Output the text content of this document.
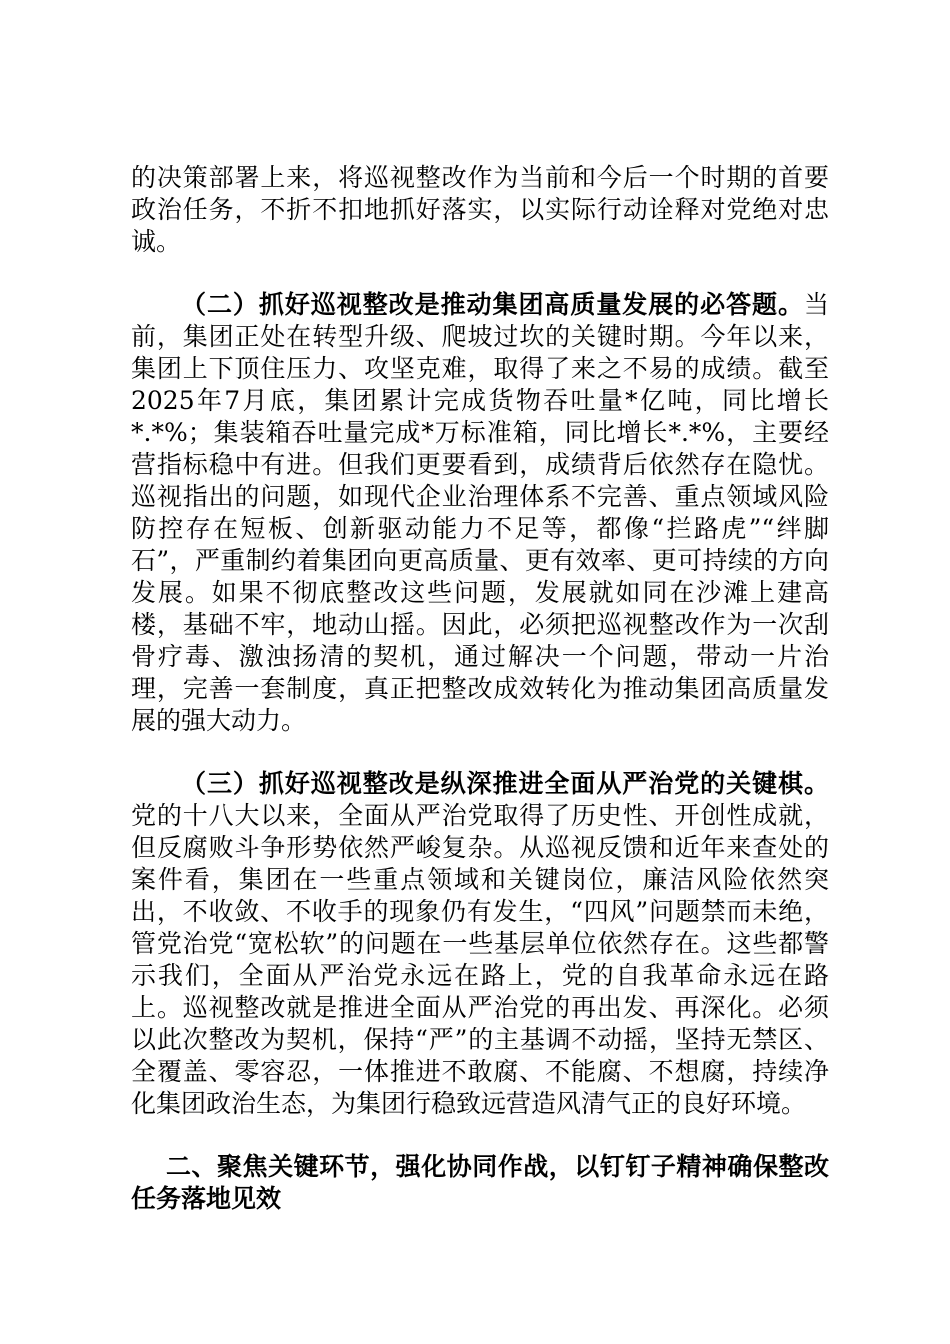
的决策部署上来，将巡视整改作为当前和今后一个时期的首要政治任务，不折不扣地抓好落实，以实际行动诠释对党绝对忠诚。

（二）抓好巡视整改是推动集团高质量发展的必答题。当前，集团正处在转型升级、爬坡过坎的关键时期。今年以来，集团上下顶住压力、攻坚克难，取得了来之不易的成绩。截至2025年7月底，集团累计完成货物吞吐量*亿吨，同比增长*.*%；集装箱吞吐量完成*万标准箱，同比增长*.*%，主要经营指标稳中有进。但我们更要看到，成绩背后依然存在隐忧。巡视指出的问题，如现代企业治理体系不完善、重点领域风险防控存在短板、创新驱动能力不足等，都像“拦路虎”“绊脚石”，严重制约着集团向更高质量、更有效率、更可持续的方向发展。如果不彻底整改这些问题，发展就如同在沙滩上建高楼，基础不牢，地动山摇。因此，必须把巡视整改作为一次刮骨疗毒、激浊扬清的契机，通过解决一个问题，带动一片治理，完善一套制度，真正把整改成效转化为推动集团高质量发展的强大动力。

（三）抓好巡视整改是纵深推进全面从严治党的关键棋。党的十八大以来，全面从严治党取得了历史性、开创性成就，但反腐败斗争形势依然严峻复杂。从巡视反馈和近年来查处的案件看，集团在一些重点领域和关键岗位，廉洁风险依然突出，不收敛、不收手的现象仍有发生，“四风”问题禁而未绝，管党治党“宽松软”的问题在一些基层单位依然存在。这些都警示我们，全面从严治党永远在路上，党的自我革命永远在路上。巡视整改就是推进全面从严治党的再出发、再深化。必须以此次整改为契机，保持“严”的主基调不动摇，坚持无禁区、全覆盖、零容忍，一体推进不敢腐、不能腐、不想腐，持续净化集团政治生态，为集团行稳致远营造风清气正的良好环境。

二、聚焦关键环节，强化协同作战，以钉钉子精神确保整改任务落地见效
